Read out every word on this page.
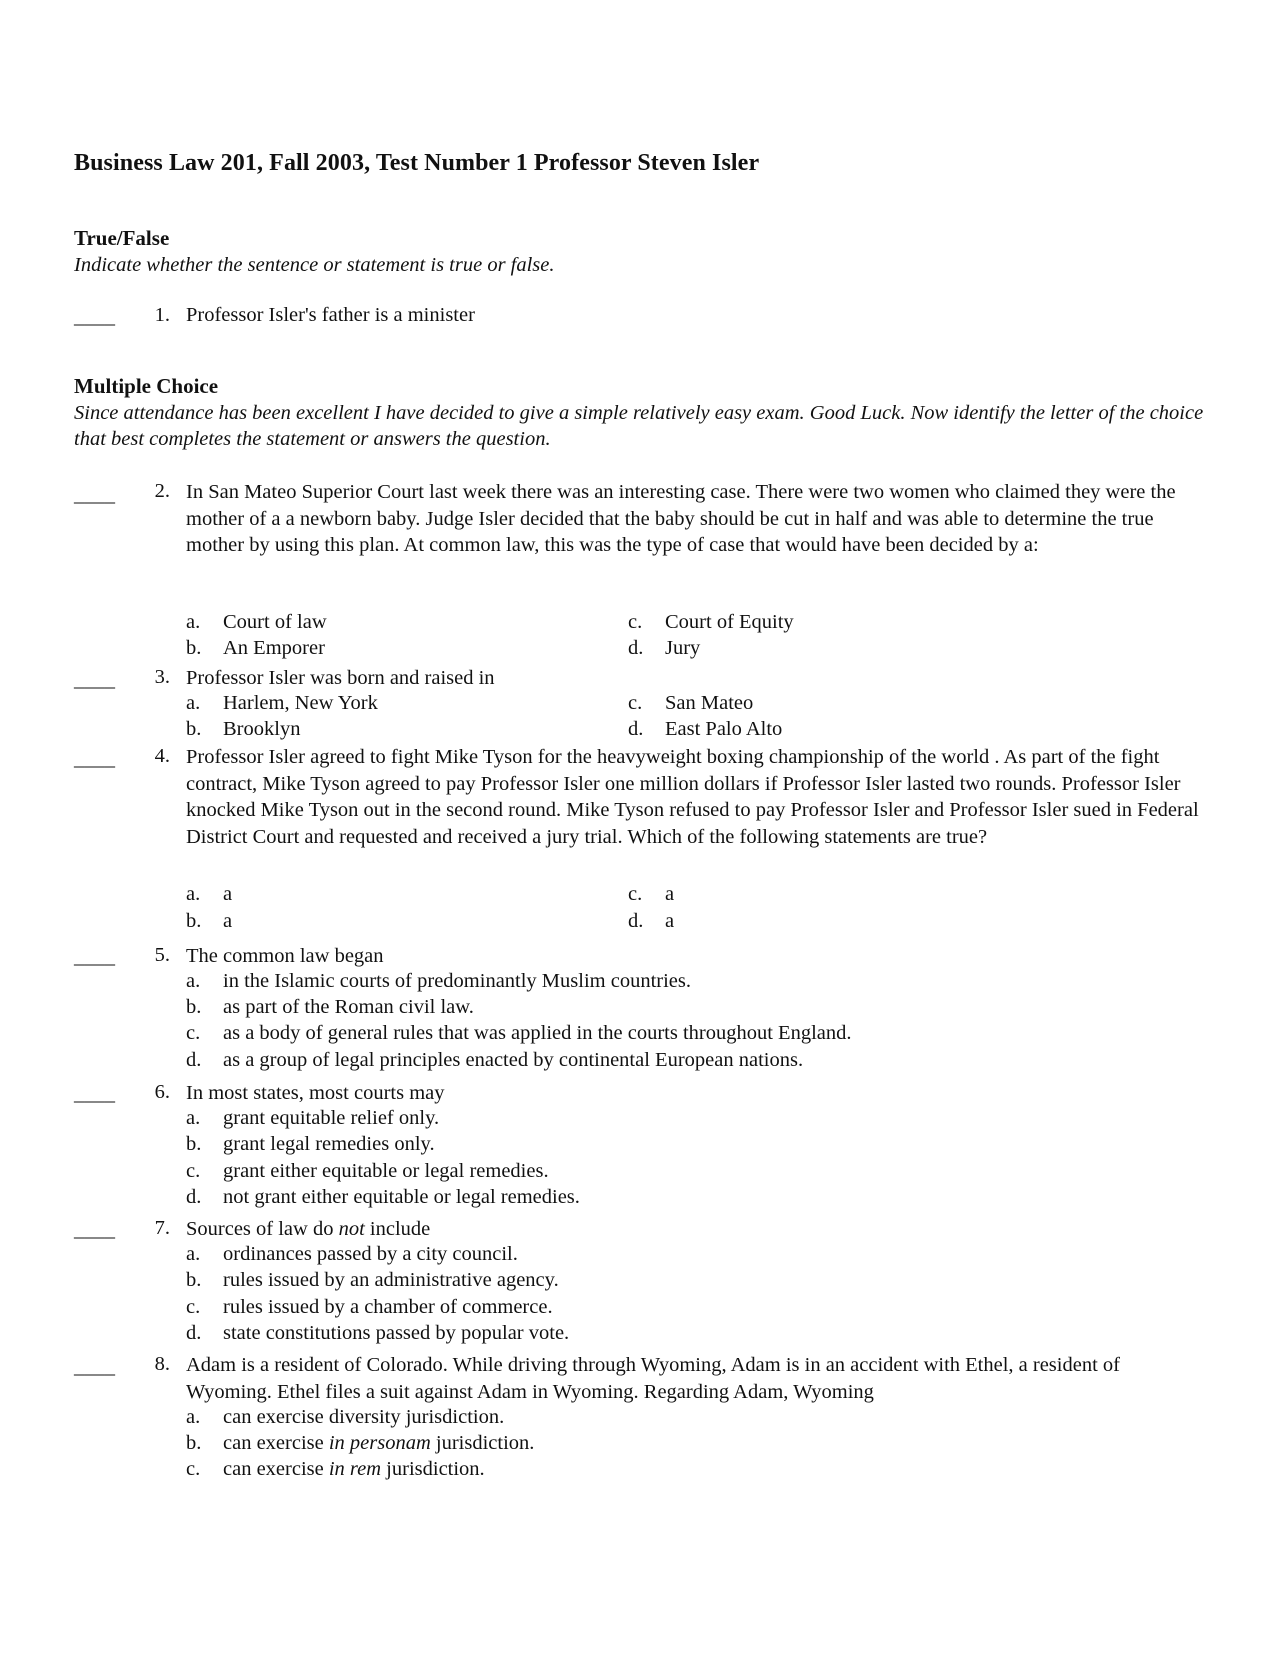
Business Law 201, Fall 2003, Test Number 1 Professor Steven Isler
True/False
Indicate whether the sentence or statement is true or false.
____	1. Professor Isler's father is a minister
Multiple Choice
Since attendance has been excellent I have decided to give a simple relatively easy exam. Good Luck. Now identify the letter of the choice that best completes the statement or answers the question.
____	2. In San Mateo Superior Court last week there was an interesting case. There were two women who claimed they were the mother of a a newborn baby. Judge Isler decided that the baby should be cut in half and was able to determine the true mother by using this plan. At common law, this was the type of case that would have been decided by a:
a. Court of law
b. An Emporer
c. Court of Equity
d. Jury
____	3. Professor Isler was born and raised in
a. Harlem, New York
b. Brooklyn
c. San Mateo
d. East Palo Alto
____	4. Professor Isler agreed to fight Mike Tyson for the heavyweight boxing championship of the world . As part of the fight contract, Mike Tyson agreed to pay Professor Isler one million dollars if Professor Isler lasted two rounds. Professor Isler knocked Mike Tyson out in the second round. Mike Tyson refused to pay Professor Isler and Professor Isler sued in Federal District Court and requested and received a jury trial. Which of the following statements are true?
a. a
b. a
c. a
d. a
____	5. The common law began
a. in the Islamic courts of predominantly Muslim countries.
b. as part of the Roman civil law.
c. as a body of general rules that was applied in the courts throughout England.
d. as a group of legal principles enacted by continental European nations.
____	6. In most states, most courts may
a. grant equitable relief only.
b. grant legal remedies only.
c. grant either equitable or legal remedies.
d. not grant either equitable or legal remedies.
____	7. Sources of law do not include
a. ordinances passed by a city council.
b. rules issued by an administrative agency.
c. rules issued by a chamber of commerce.
d. state constitutions passed by popular vote.
____	8. Adam is a resident of Colorado. While driving through Wyoming, Adam is in an accident with Ethel, a resident of Wyoming. Ethel files a suit against Adam in Wyoming. Regarding Adam, Wyoming
a. can exercise diversity jurisdiction.
b. can exercise in personam jurisdiction.
c. can exercise in rem jurisdiction.
